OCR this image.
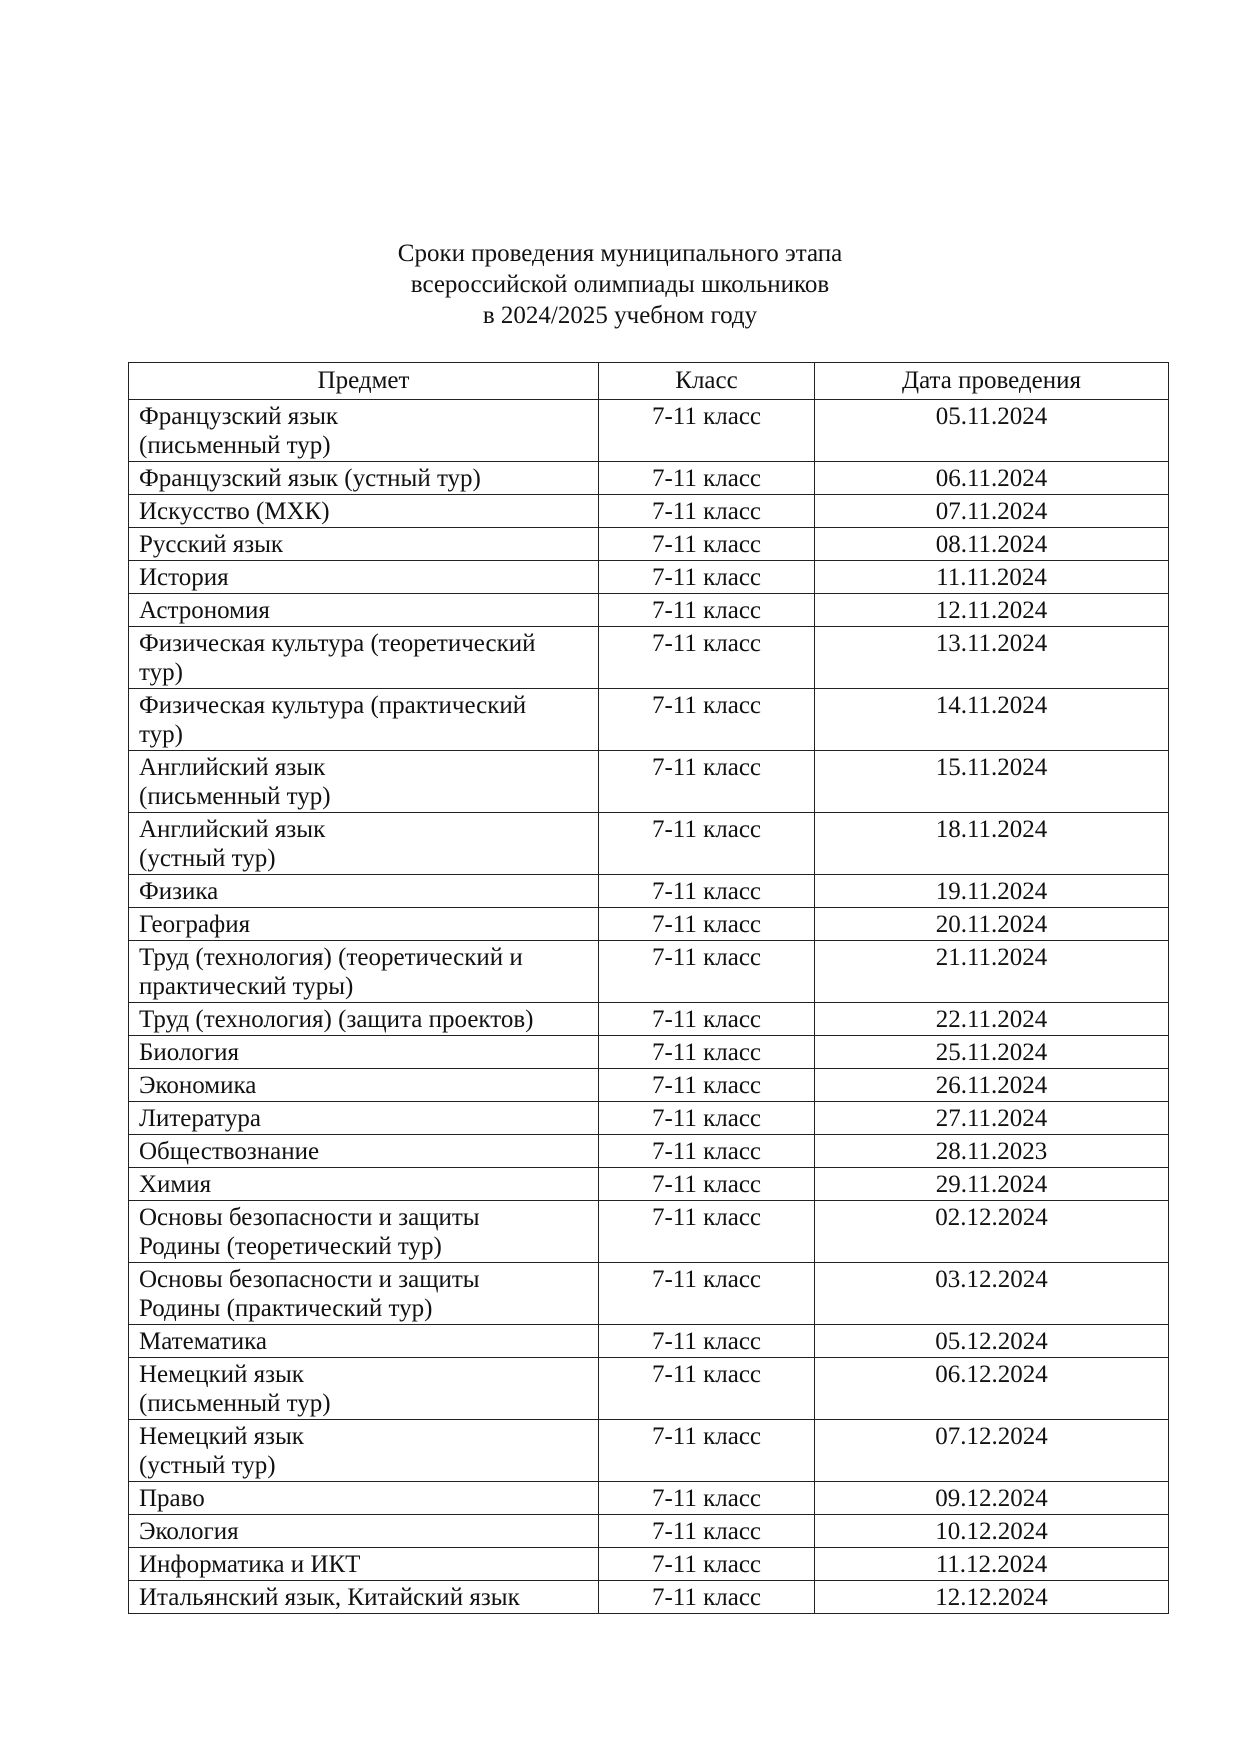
Сроки проведения муниципального этапа
всероссийской олимпиады школьников
в 2024/2025 учебном году
Предмет	Класс	Дата проведения
Французский язык
(письменный тур)	7-11 класс	05.11.2024
Французский язык (устный тур)	7-11 класс	06.11.2024
Искусство (МХК)	7-11 класс	07.11.2024
Русский язык	7-11 класс	08.11.2024
История	7-11 класс	11.11.2024
Астрономия	7-11 класс	12.11.2024
Физическая культура (теоретический
тур)	7-11 класс	13.11.2024
Физическая культура (практический
тур)	7-11 класс	14.11.2024
Английский язык
(письменный тур)	7-11 класс	15.11.2024
Английский язык
(устный тур)	7-11 класс	18.11.2024
Физика	7-11 класс	19.11.2024
География	7-11 класс	20.11.2024
Труд (технология) (теоретический и
практический туры)	7-11 класс	21.11.2024
Труд (технология) (защита проектов)	7-11 класс	22.11.2024
Биология	7-11 класс	25.11.2024
Экономика	7-11 класс	26.11.2024
Литература	7-11 класс	27.11.2024
Обществознание	7-11 класс	28.11.2023
Химия	7-11 класс	29.11.2024
Основы безопасности и защиты
Родины (теоретический тур)	7-11 класс	02.12.2024
Основы безопасности и защиты
Родины (практический тур)	7-11 класс	03.12.2024
Математика	7-11 класс	05.12.2024
Немецкий язык
(письменный тур)	7-11 класс	06.12.2024
Немецкий язык
(устный тур)	7-11 класс	07.12.2024
Право	7-11 класс	09.12.2024
Экология	7-11 класс	10.12.2024
Информатика и ИКТ	7-11 класс	11.12.2024
Итальянский язык, Китайский язык	7-11 класс	12.12.2024
